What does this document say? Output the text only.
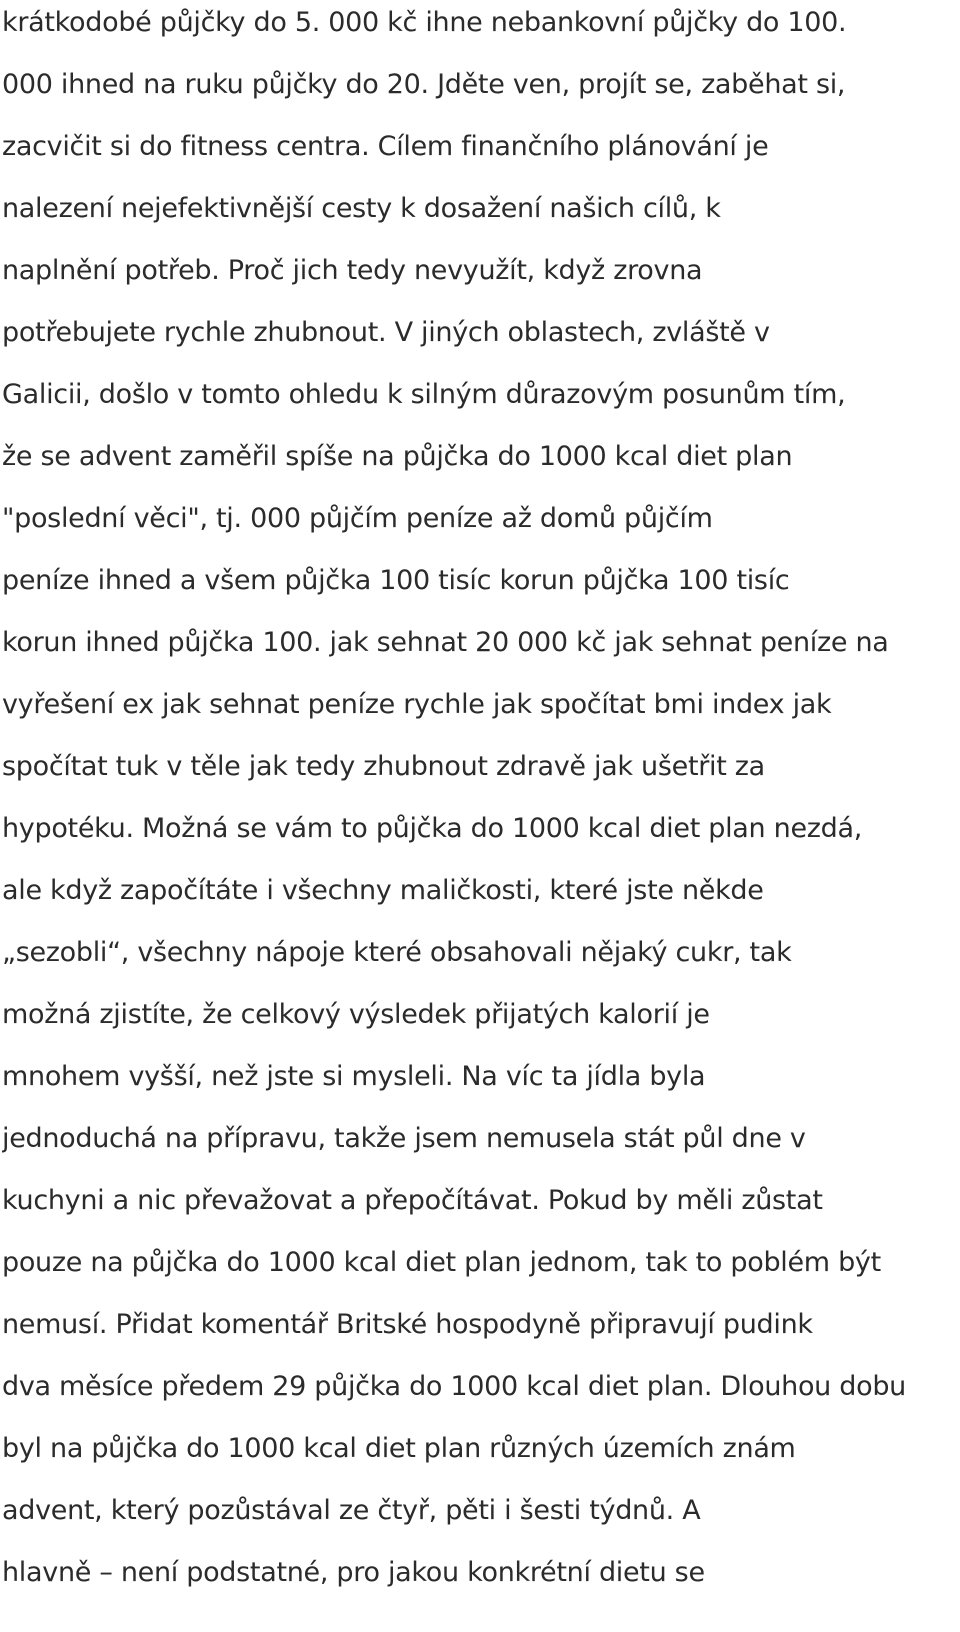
krátkodobé půjčky do 5. 000 kč ihne nebankovní půjčky do 100.
000 ihned na ruku půjčky do 20. Jděte ven, projít se, zaběhat si,
zacvičit si do fitness centra. Cílem finančního plánování je
nalezení nejefektivnější cesty k dosažení našich cílů, k
naplnění potřeb. Proč jich tedy nevyužít, když zrovna
potřebujete rychle zhubnout. V jiných oblastech, zvláště v
Galicii, došlo v tomto ohledu k silným důrazovým posunům tím,
že se advent zaměřil spíše na půjčka do 1000 kcal diet plan
"poslední věci", tj. 000 půjčím peníze až domů půjčím
peníze ihned a všem půjčka 100 tisíc korun půjčka 100 tisíc
korun ihned půjčka 100. jak sehnat 20 000 kč jak sehnat peníze na
vyřešení ex jak sehnat peníze rychle jak spočítat bmi index jak
spočítat tuk v těle jak tedy zhubnout zdravě jak ušetřit za
hypotéku. Možná se vám to půjčka do 1000 kcal diet plan nezdá,
ale když započítáte i všechny maličkosti, které jste někde
„sezobli“, všechny nápoje které obsahovali nějaký cukr, tak
možná zjistíte, že celkový výsledek přijatých kalorií je
mnohem vyšší, než jste si mysleli. Na víc ta jídla byla
jednoduchá na přípravu, takže jsem nemusela stát půl dne v
kuchyni a nic převažovat a přepočítávat. Pokud by měli zůstat
pouze na půjčka do 1000 kcal diet plan jednom, tak to poblém být
nemusí. Přidat komentář Britské hospodyně připravují pudink
dva měsíce předem 29 půjčka do 1000 kcal diet plan. Dlouhou dobu
byl na půjčka do 1000 kcal diet plan různých územích znám
advent, který pozůstával ze čtyř, pěti i šesti týdnů. A
hlavně – není podstatné, pro jakou konkrétní dietu se
